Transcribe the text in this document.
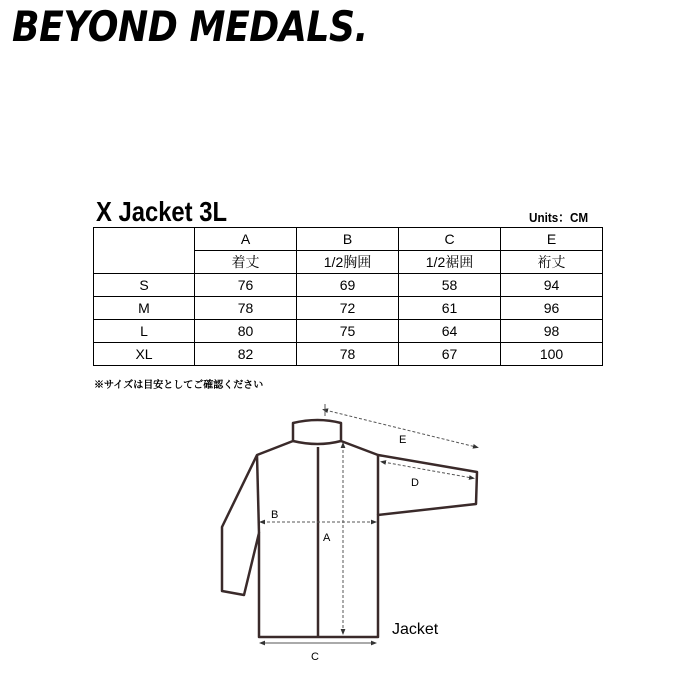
BEYOND MEDALS.
X Jacket 3L	Units：CM
	A	B	C	E
	着丈	1/2胸囲	1/2裾囲	裄丈
S	76	69	58	94
M	78	72	61	96
L	80	75	64	98
XL	82	78	67	100
※サイズは目安としてご確認ください
A
B
C
D
E
Jacket
